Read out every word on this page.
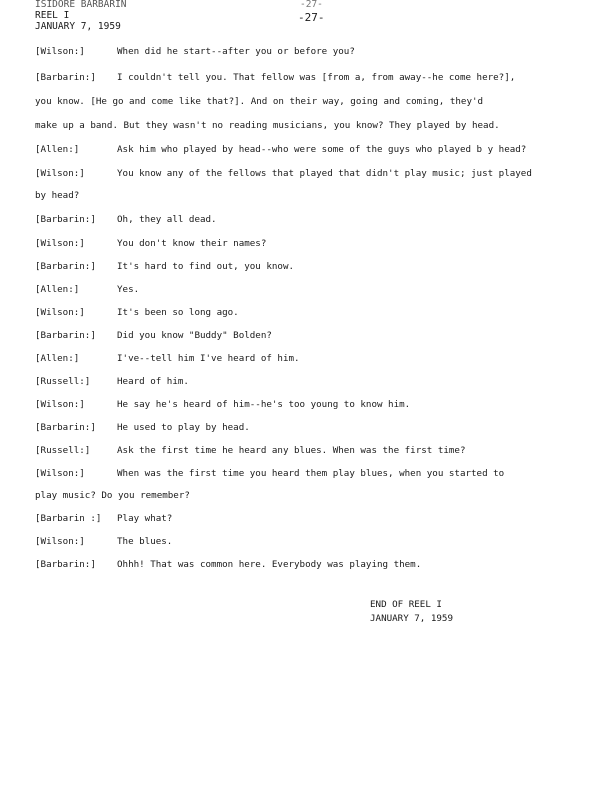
ISIDORE BARBARIN
REEL I
JANUARY 7, 1959
-27-
-27-
[Wilson:]	When did he start--after you or before you?
[Barbarin:] I couldn't tell you. That fellow was [from a, from away--he come here?],
you know. [He go and come like that?]. And on their way, going and coming, they'd
make up a band. But they wasn't no reading musicians, you know? They played by head.
[Allen:]	Ask him who played by head--who were some of the guys who played b y head?
[Wilson:]	You know any of the fellows that played that didn't play music; just played
by head?
[Barbarin:] Oh, they all dead.
[Wilson:]	You don't know their names?
[Barbarin:] It's hard to find out, you know.
[Allen:]	Yes.
[Wilson:]	It's been so long ago.
[Barbarin:] Did you know "Buddy" Bolden?
[Allen:]	I've--tell him I've heard of him.
[Russell:]	Heard of him.
[Wilson:]	He say he's heard of him--he's too young to know him.
[Barbarin:] He used to play by head.
[Russell:]	Ask the first time he heard any blues. When was the first time?
[Wilson:]	When was the first time you heard them play blues, when you started to
play music? Do you remember?
[Barbarin :] Play what?
[Wilson:]	The blues.
[Barbarin:] Ohhh! That was common here. Everybody was playing them.
END OF REEL I
JANUARY 7, 1959
